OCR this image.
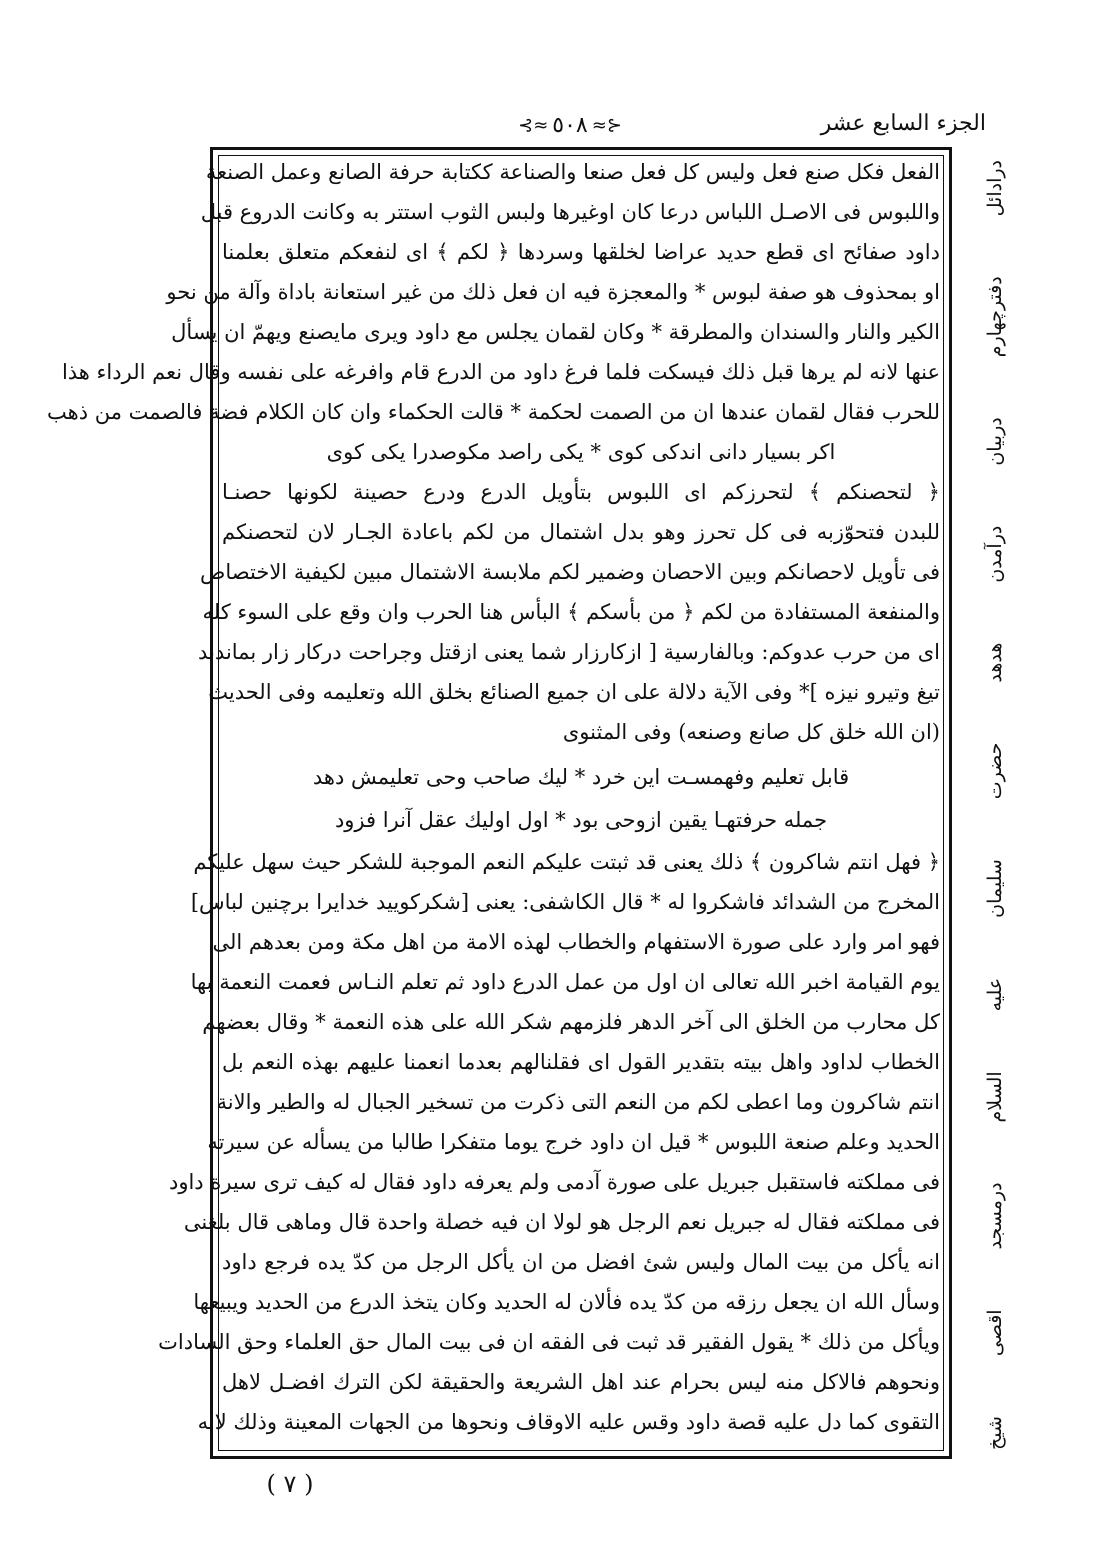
الجزء السابع عشر
⊰≈
٥٠٨
≈⊱
الفعل فكل صنع فعل وليس كل فعل صنعا والصناعة ككتابة حرفة الصانع وعمل الصنعة
واللبوس فى الاصـل اللباس درعا كان اوغيرها ولبس الثوب استتر به وكانت الدروع قبل
داود صفائح اى قطع حديد عراضا لخلقها وسردها ﴿ لكم ﴾ اى لنفعكم متعلق بعلمنا
او بمحذوف هو صفة لبوس * والمعجزة فيه ان فعل ذلك من غير استعانة باداة وآلة من نحو
الكير والنار والسندان والمطرقة * وكان لقمان يجلس مع داود ويرى مايصنع ويهمّ ان يسأل
عنها لانه لم يرها قبل ذلك فيسكت فلما فرغ داود من الدرع قام وافرغه على نفسه وقال نعم الرداء هذا
للحرب فقال لقمان عندها ان من الصمت لحكمة * قالت الحكماء وان كان الكلام فضة فالصمت من ذهب
اكر بسيار دانى اندكى كوى * يكى راصد مكوصدرا يكى كوى
﴿ لتحصنكم ﴾ لتحرزكم اى اللبوس بتأويل الدرع ودرع حصينة لكونها حصنـا
للبدن فتحوّزبه فى كل تحرز وهو بدل اشتمال من لكم باعادة الجـار لان لتحصنكم
فى تأويل لاحصانكم وبين الاحصان وضمير لكم ملابسة الاشتمال مبين لكيفية الاختصاص
والمنفعة المستفادة من لكم ﴿ من بأسكم ﴾ البأس هنا الحرب وان وقع على السوء كله
اى من حرب عدوكم: وبالفارسية [ ازكارزار شما يعنى ازقتل وجراحت دركار زار بماندند
تيغ وتيرو نيزه ]* وفى الآية دلالة على ان جميع الصنائع بخلق الله وتعليمه وفى الحديث
(ان الله خلق كل صانع وصنعه) وفى المثنوى
قابل تعليم وفهمسـت اين خرد * ليك صاحب وحى تعليمش دهد
جمله حرفتهـا يقين ازوحى بود * اول اوليك عقل آنرا فزود
﴿ فهل انتم شاكرون ﴾ ذلك يعنى قد ثبتت عليكم النعم الموجبة للشكر حيث سهل عليكم
المخرج من الشدائد فاشكروا له * قال الكاشفى: يعنى [شكركوييد خدايرا برچنين لباس]
فهو امر وارد على صورة الاستفهام والخطاب لهذه الامة من اهل مكة ومن بعدهم الى
يوم القيامة اخبر الله تعالى ان اول من عمل الدرع داود ثم تعلم النـاس فعمت النعمة بها
كل محارب من الخلق الى آخر الدهر فلزمهم شكر الله على هذه النعمة * وقال بعضهم
الخطاب لداود واهل بيته بتقدير القول اى فقلنالهم بعدما انعمنا عليهم بهذه النعم بل
انتم شاكرون وما اعطى لكم من النعم التى ذكرت من تسخير الجبال له والطير والانة
الحديد وعلم صنعة اللبوس * قيل ان داود خرج يوما متفكرا طالبا من يسأله عن سيرته
فى مملكته فاستقبل جبريل على صورة آدمى ولم يعرفه داود فقال له كيف ترى سيرة داود
فى مملكته فقال له جبريل نعم الرجل هو لولا ان فيه خصلة واحدة قال وماهى قال بلغنى
انه يأكل من بيت المال وليس شئ افضل من ان يأكل الرجل من كدّ يده فرجع داود
وسأل الله ان يجعل رزقه من كدّ يده فألان له الحديد وكان يتخذ الدرع من الحديد ويبيعها
ويأكل من ذلك * يقول الفقير قد ثبت فى الفقه ان فى بيت المال حق العلماء وحق السادات
ونحوهم فالاكل منه ليس بحرام عند اهل الشريعة والحقيقة لكن الترك افضـل لاهل
التقوى كما دل عليه قصة داود وقس عليه الاوقاف ونحوها من الجهات المعينة وذلك لانه درادائل دفترچهارم دربيان درآمدن هدهد حضرت سليمان عليه السلام درمسجد اقصى شيخ
( ٧ )
